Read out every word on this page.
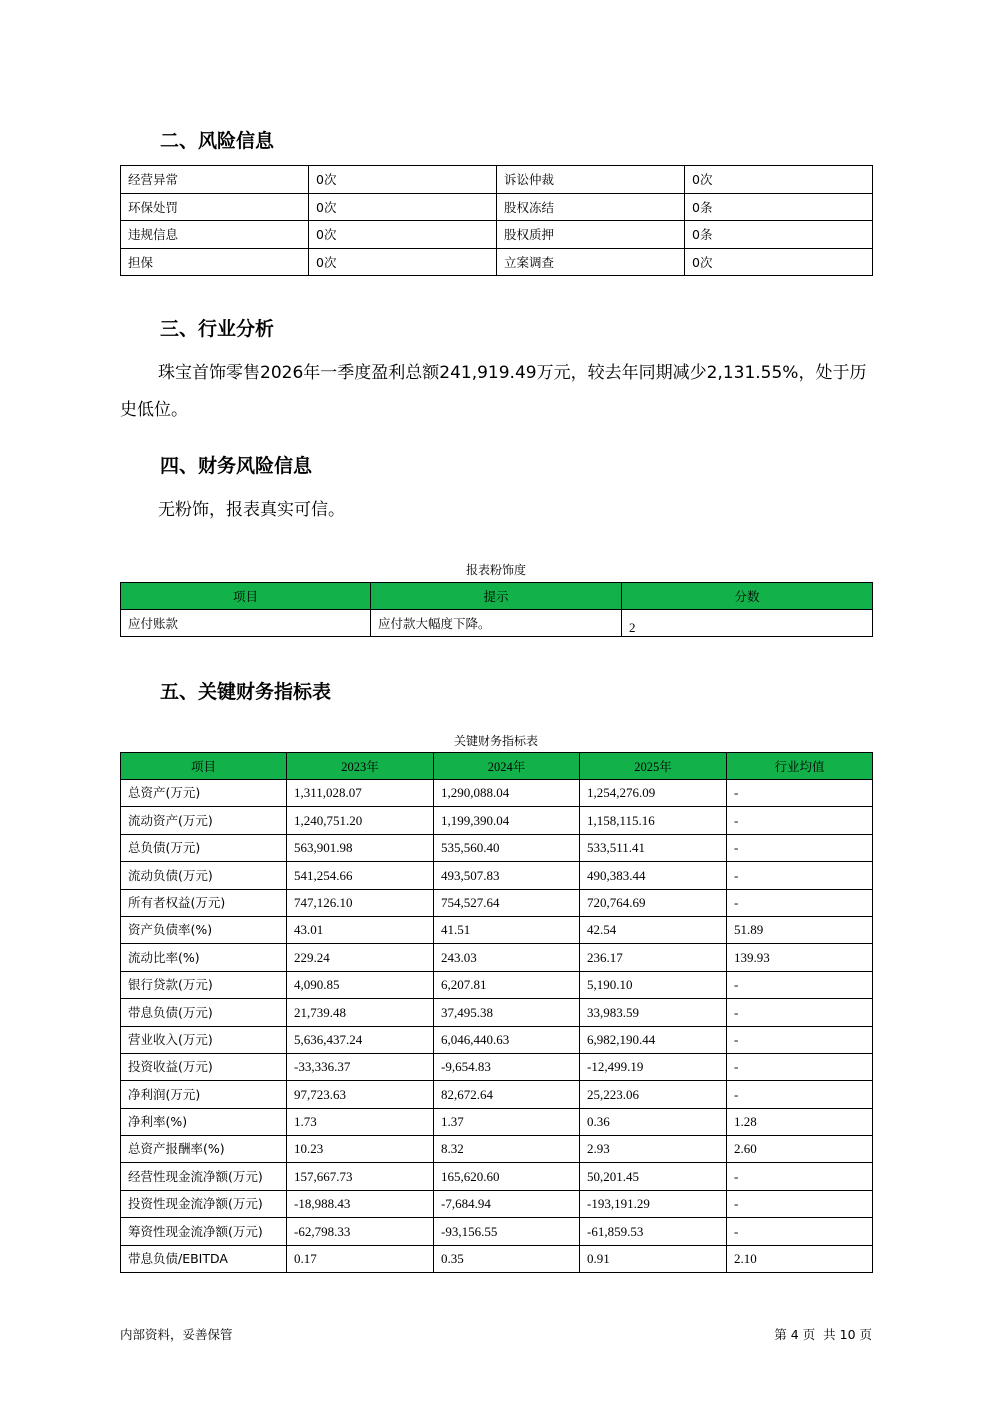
二、风险信息
经营异常	0次	诉讼仲裁	0次
环保处罚	0次	股权冻结	0条
违规信息	0次	股权质押	0条
担保	0次	立案调查	0次
三、行业分析
珠宝首饰零售2026年一季度盈利总额241,919.49万元，较去年同期减少2,131.55%，处于历史低位。
四、财务风险信息
无粉饰，报表真实可信。
报表粉饰度
项目	提示	分数
应付账款	应付款大幅度下降。	2
五、关键财务指标表
关键财务指标表
项目	2023年	2024年	2025年	行业均值

总资产(万元)	1,311,028.07	1,290,088.04	1,254,276.09	-

流动资产(万元)	1,240,751.20	1,199,390.04	1,158,115.16	-

总负债(万元)	563,901.98	535,560.40	533,511.41	-

流动负债(万元)	541,254.66	493,507.83	490,383.44	-

所有者权益(万元)	747,126.10	754,527.64	720,764.69	-

资产负债率(%)	43.01	41.51	42.54	51.89

流动比率(%)	229.24	243.03	236.17	139.93

银行贷款(万元)	4,090.85	6,207.81	5,190.10	-

带息负债(万元)	21,739.48	37,495.38	33,983.59	-

营业收入(万元)	5,636,437.24	6,046,440.63	6,982,190.44	-

投资收益(万元)	-33,336.37	-9,654.83	-12,499.19	-

净利润(万元)	97,723.63	82,672.64	25,223.06	-

净利率(%)	1.73	1.37	0.36	1.28

总资产报酬率(%)	10.23	8.32	2.93	2.60

经营性现金流净额(万元)	157,667.73	165,620.60	50,201.45	-

投资性现金流净额(万元)	-18,988.43	-7,684.94	-193,191.29	-

筹资性现金流净额(万元)	-62,798.33	-93,156.55	-61,859.53	-

带息负债/EBITDA	0.17	0.35	0.91	2.10
内部资料，妥善保管	第 4 页  共 10 页
